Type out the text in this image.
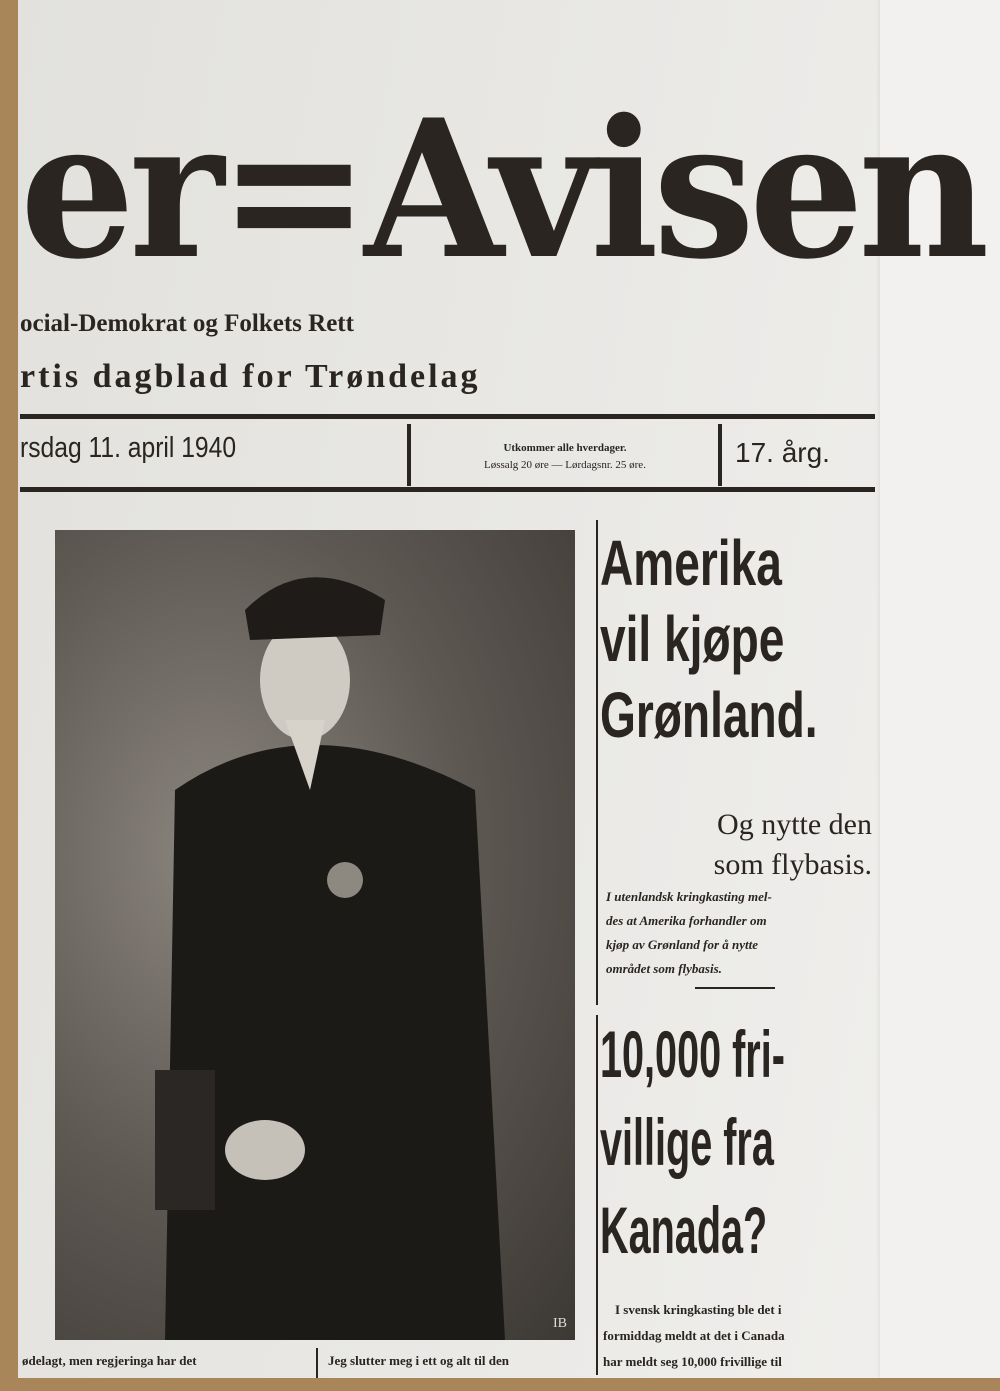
er=Avisen
ocial-Demokrat og Folkets Rett
rtis dagblad for Trøndelag
rsdag 11. april 1940	Utkommer alle hverdager.
Løssalg 20 øre — Lørdagsnr. 25 øre.	17. årg.
IB
Amerika
vil kjøpe
Grønland.
Og nytte den
som flybasis.
I utenlandsk kringkasting mel-
des at Amerika forhandler om
kjøp av Grønland for å nytte
området som flybasis.
10,000 fri-
villige fra
Kanada?
I svensk kringkasting ble det i
formiddag meldt at det i Canada
har meldt seg 10,000 frivillige til
ødelagt, men regjeringa har det	Jeg slutter meg i ett og alt til den
